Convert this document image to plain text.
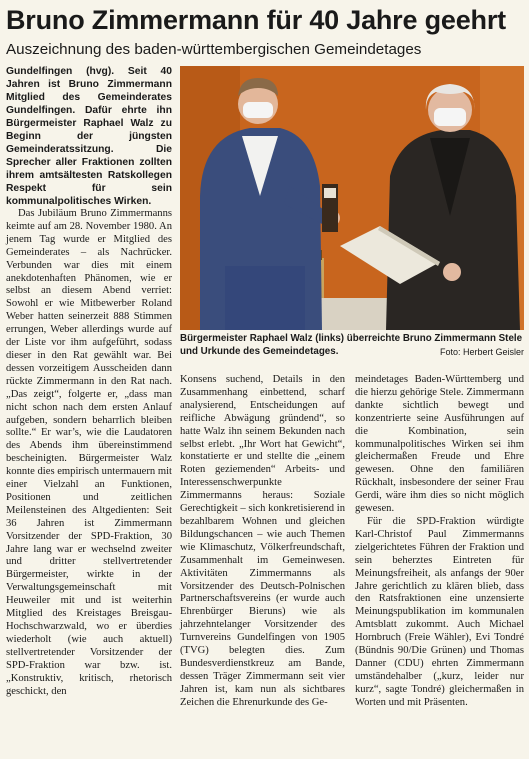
Bruno Zimmermann für 40 Jahre geehrt
Auszeichnung des baden-württembergischen Gemeindetages

Gundelfingen (hvg). Seit 40 Jahren ist Bruno Zimmermann Mitglied des Gemeinderates Gundelfingen. Dafür ehrte ihn Bürgermeister Raphael Walz zu Beginn der jüngsten Gemeinderatssitzung. Die Sprecher aller Fraktionen zollten ihrem amtsältesten Ratskollegen Respekt für sein kommunalpolitisches Wirken.

Das Jubiläum Bruno Zimmermanns keimte auf am 28. November 1980. An jenem Tag wurde er Mitglied des Gemeinderates – als Nachrücker. Verbunden war dies mit einem anekdotenhaften Phänomen, wie er selbst an diesem Abend verriet: Sowohl er wie Mitbewerber Roland Weber hatten seinerzeit 888 Stimmen errungen, Weber allerdings wurde auf der Liste vor ihm aufgeführt, sodass dieser in den Rat gewählt war. Bei dessen vorzeitigem Ausscheiden dann rückte Zimmermann in den Rat nach. „Das zeigt“, folgerte er, „dass man nicht schon nach dem ersten Anlauf aufgeben, sondern beharrlich bleiben sollte.“ Er war’s, wie die Laudatoren des Abends ihm übereinstimmend bescheinigten. Bürgermeister Walz konnte dies empirisch untermauern mit einer Vielzahl an Funktionen, Positionen und zeitlichen Meilensteinen des Altgedienten: Seit 36 Jahren ist Zimmermann Vorsitzender der SPD-Fraktion, 30 Jahre lang war er wechselnd zweiter und dritter stellvertretender Bürgermeister, wirkte in der Verwaltungsgemeinschaft mit Heuweiler mit und ist weiterhin Mitglied des Kreistages Breisgau-Hochschwarzwald, wo er überdies wiederholt (wie auch aktuell) stellvertretender Vorsitzender der SPD-Fraktion war bzw. ist. „Konstruktiv, kritisch, rhetorisch geschickt, den

Bürgermeister Raphael Walz (links) überreichte Bruno Zimmermann Stele und Urkunde des Gemeindetages.	Foto: Herbert Geisler

Konsens suchend, Details in den Zusammenhang einbettend, scharf analysierend, Entscheidungen auf reifliche Abwägung gründend“, so hatte Walz ihn seinem Bekunden nach selbst erlebt. „Ihr Wort hat Gewicht“, konstatierte er und stellte die „einem Roten geziemenden“ Arbeits- und Interessenschwerpunkte Zimmermanns heraus: Soziale Gerechtigkeit – sich konkretisierend in bezahlbarem Wohnen und gleichen Bildungschancen – wie auch Themen wie Klimaschutz, Völkerfreundschaft, Zusammenhalt im Gemeinwesen. Aktivitäten Zimmermanns als Vorsitzender des Deutsch-Polnischen Partnerschaftsvereins (er wurde auch Ehrenbürger Bieruns) wie als jahrzehntelanger Vorsitzender des Turnvereins Gundelfingen von 1905 (TVG) belegten dies. Zum Bundesverdienstkreuz am Bande, dessen Träger Zimmermann seit vier Jahren ist, kam nun als sichtbares Zeichen die Ehrenurkunde des Ge-

meindetages Baden-Württemberg und die hierzu gehörige Stele. Zimmermann dankte sichtlich bewegt und konzentrierte seine Ausführungen auf die Kombination, sein kommunalpolitisches Wirken sei ihm gleichermaßen Freude und Ehre gewesen. Ohne den familiären Rückhalt, insbesondere der seiner Frau Gerdi, wäre ihm dies so nicht möglich gewesen.

Für die SPD-Fraktion würdigte Karl-Christof Paul Zimmermanns zielgerichtetes Führen der Fraktion und sein beherztes Eintreten für Meinungsfreiheit, als anfangs der 90er Jahre gerichtlich zu klären blieb, dass den Ratsfraktionen eine unzensierte Meinungspublikation im kommunalen Amtsblatt zukommt. Auch Michael Hornbruch (Freie Wähler), Evi Tondré (Bündnis 90/Die Grünen) und Thomas Danner (CDU) ehrten Zimmermann umständehalber („kurz, leider nur kurz“, sagte Tondré) gleichermaßen in Worten und mit Präsenten.
